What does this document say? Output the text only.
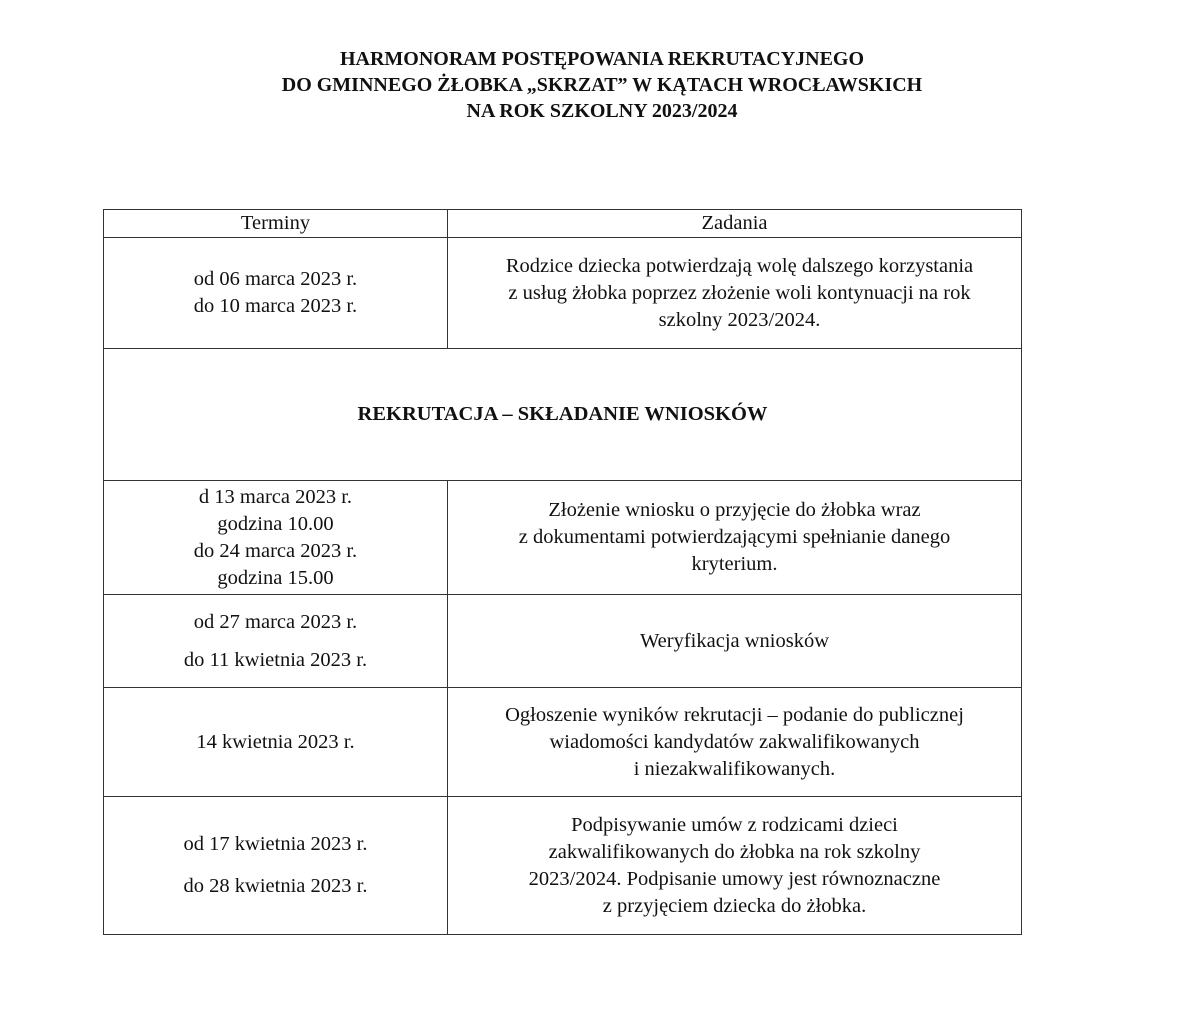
HARMONORAM POSTĘPOWANIA REKRUTACYJNEGO
DO GMINNEGO ŻŁOBKA „SKRZAT” W KĄTACH WROCŁAWSKICH
NA ROK SZKOLNY 2023/2024
Terminy	Zadania

od 06 marca 2023 r.
do 10 marca 2023 r.	Rodzice dziecka potwierdzają wolę dalszego korzystania
z usług żłobka poprzez złożenie woli kontynuacji na rok
szkolny 2023/2024.

REKRUTACJA – SKŁADANIE WNIOSKÓW	

d 13 marca 2023 r.
godzina 10.00
do 24 marca 2023 r.
godzina 15.00	Złożenie wniosku o przyjęcie do żłobka wraz
z dokumentami potwierdzającymi spełnianie danego
kryterium.

od 27 marca 2023 r.
do 11 kwietnia 2023 r.	Weryfikacja wniosków

14 kwietnia 2023 r.	Ogłoszenie wyników rekrutacji – podanie do publicznej
wiadomości kandydatów zakwalifikowanych
i niezakwalifikowanych.

od 17 kwietnia 2023 r.
do 28 kwietnia 2023 r.	Podpisywanie umów z rodzicami dzieci
zakwalifikowanych do żłobka na rok szkolny
2023/2024. Podpisanie umowy jest równoznaczne
z przyjęciem dziecka do żłobka.
